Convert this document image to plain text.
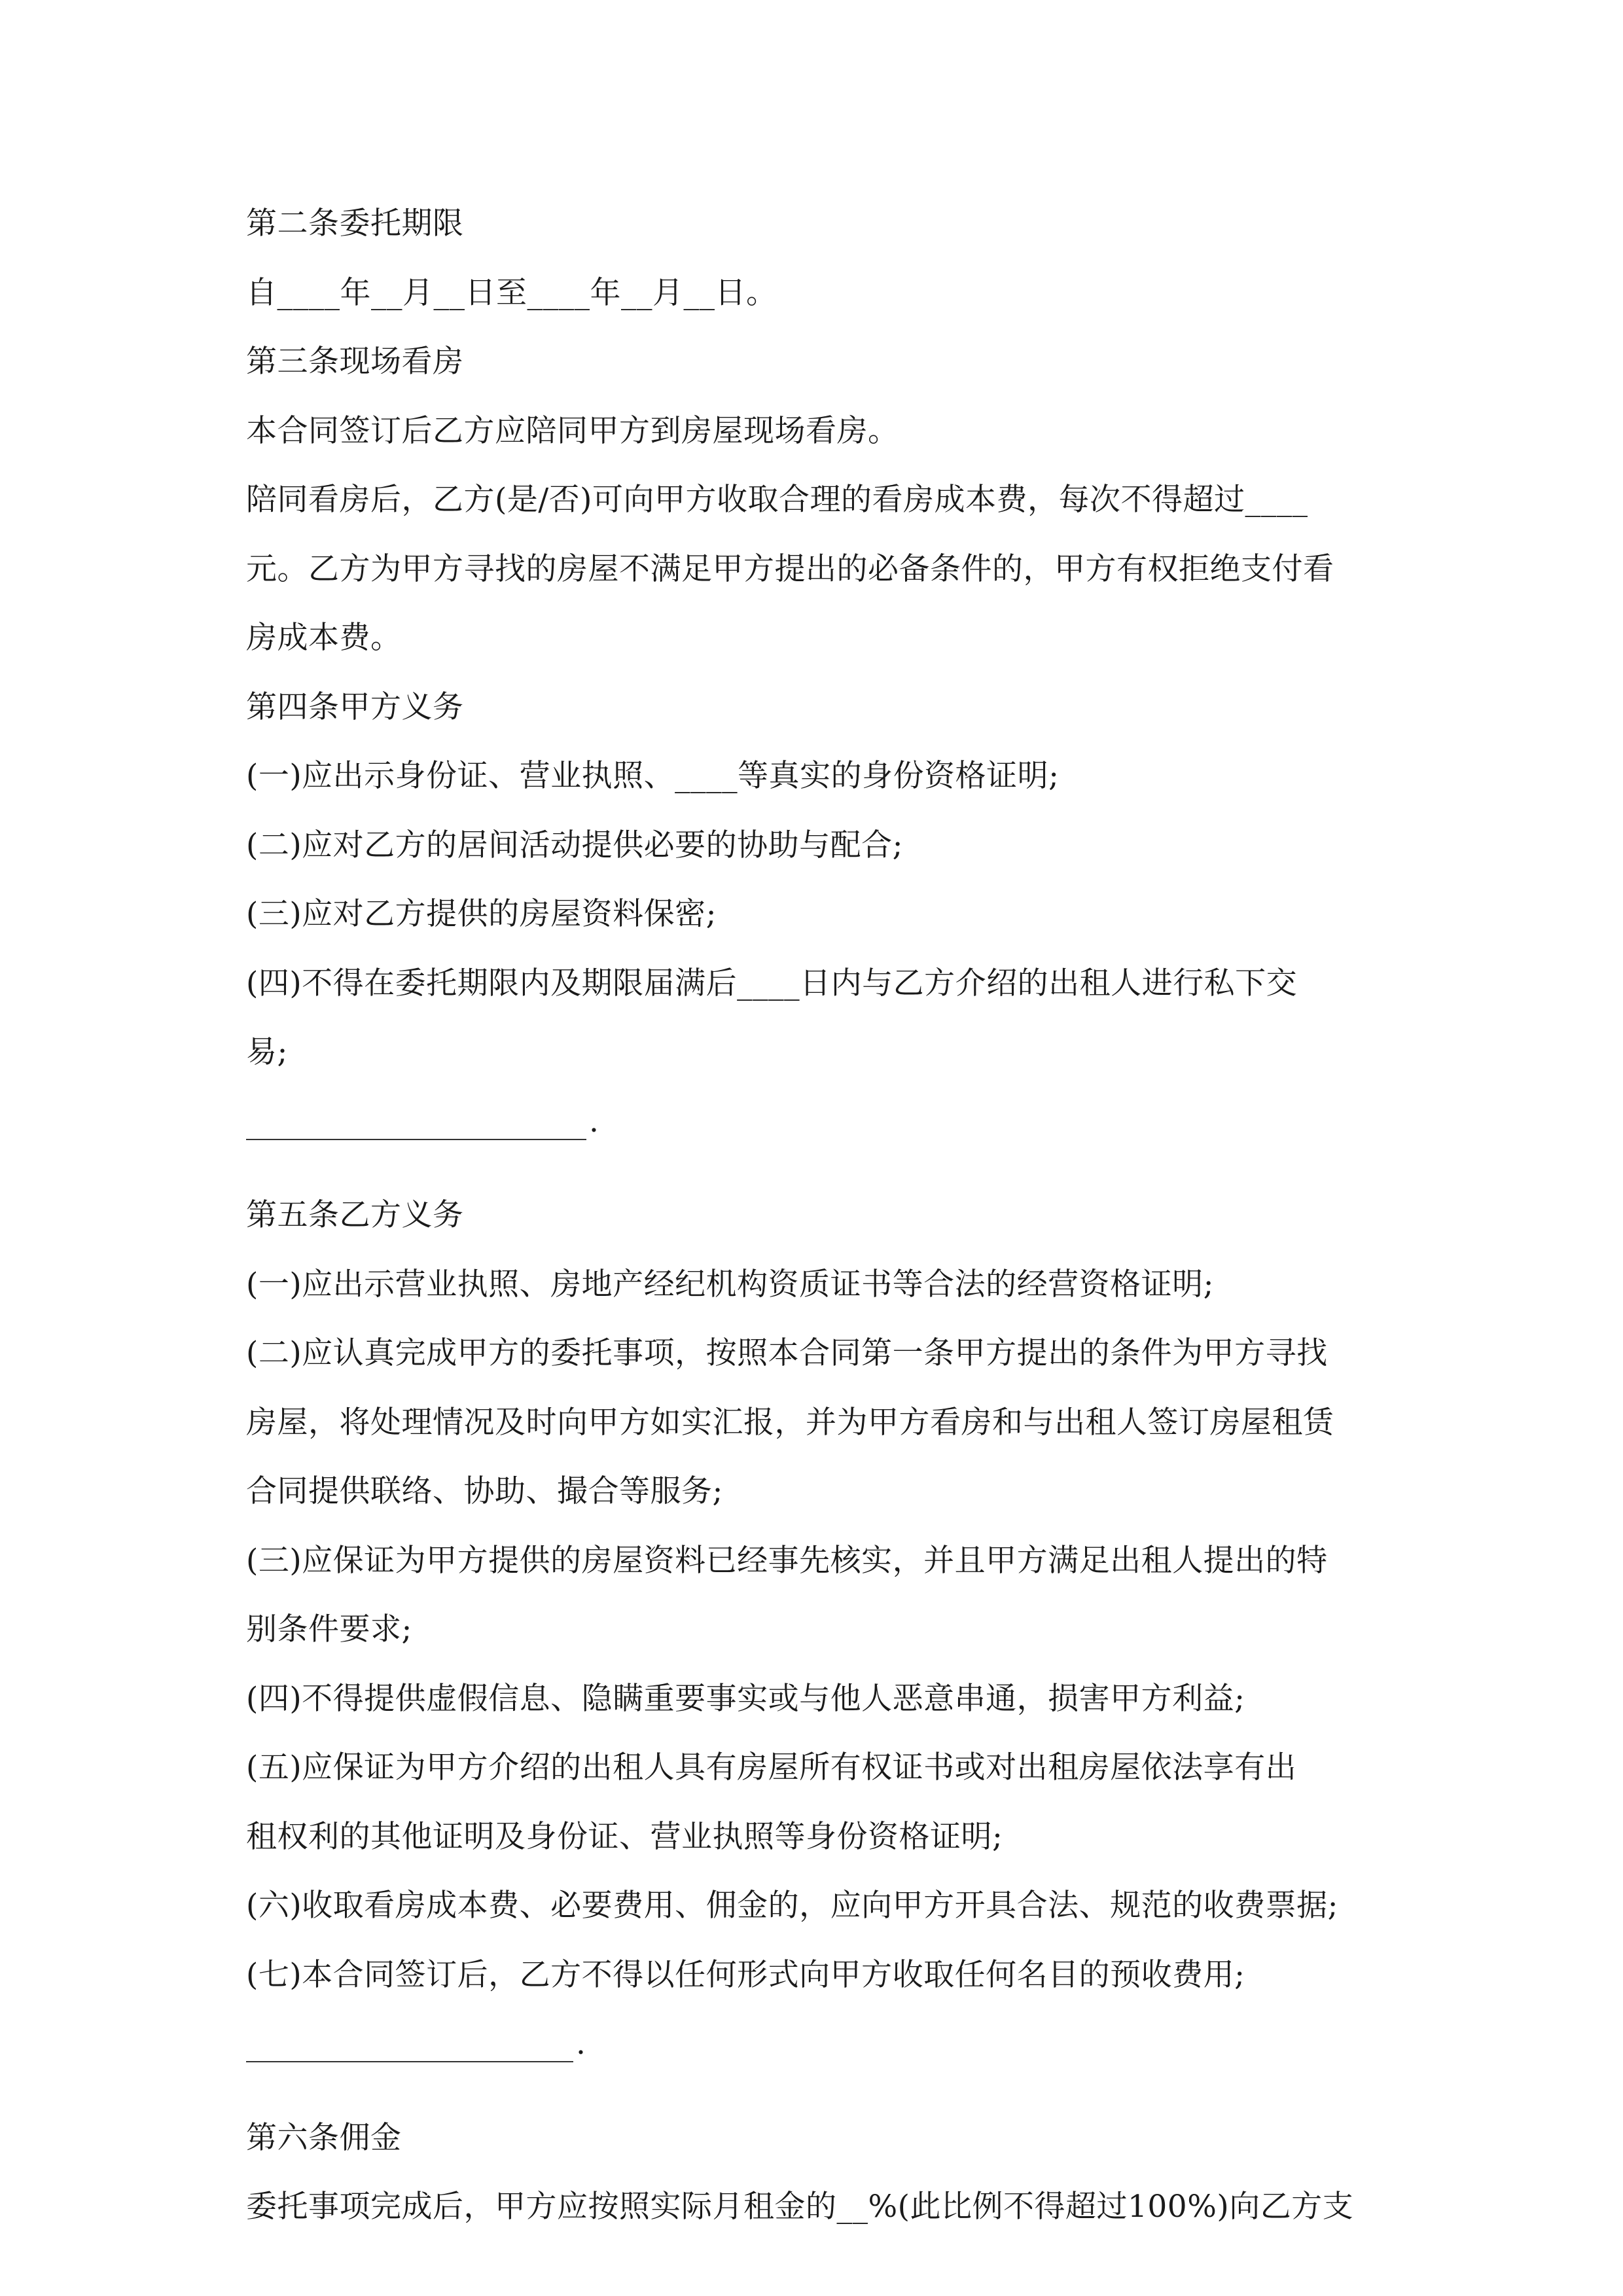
第二条委托期限
自____年__月__日至____年__月__日。
第三条现场看房
本合同签订后乙方应陪同甲方到房屋现场看房。
陪同看房后，乙方(是/否)可向甲方收取合理的看房成本费，每次不得超过____
元。乙方为甲方寻找的房屋不满足甲方提出的必备条件的，甲方有权拒绝支付看
房成本费。
第四条甲方义务
(一)应出示身份证、营业执照、____等真实的身份资格证明;
(二)应对乙方的居间活动提供必要的协助与配合;
(三)应对乙方提供的房屋资料保密;
(四)不得在委托期限内及期限届满后____日内与乙方介绍的出租人进行私下交
易;
.
第五条乙方义务
(一)应出示营业执照、房地产经纪机构资质证书等合法的经营资格证明;
(二)应认真完成甲方的委托事项，按照本合同第一条甲方提出的条件为甲方寻找
房屋，将处理情况及时向甲方如实汇报，并为甲方看房和与出租人签订房屋租赁
合同提供联络、协助、撮合等服务;
(三)应保证为甲方提供的房屋资料已经事先核实，并且甲方满足出租人提出的特
别条件要求;
(四)不得提供虚假信息、隐瞒重要事实或与他人恶意串通，损害甲方利益;
(五)应保证为甲方介绍的出租人具有房屋所有权证书或对出租房屋依法享有出
租权利的其他证明及身份证、营业执照等身份资格证明;
(六)收取看房成本费、必要费用、佣金的，应向甲方开具合法、规范的收费票据;
(七)本合同签订后，乙方不得以任何形式向甲方收取任何名目的预收费用;
.
第六条佣金
委托事项完成后，甲方应按照实际月租金的__%(此比例不得超过100%)向乙方支
